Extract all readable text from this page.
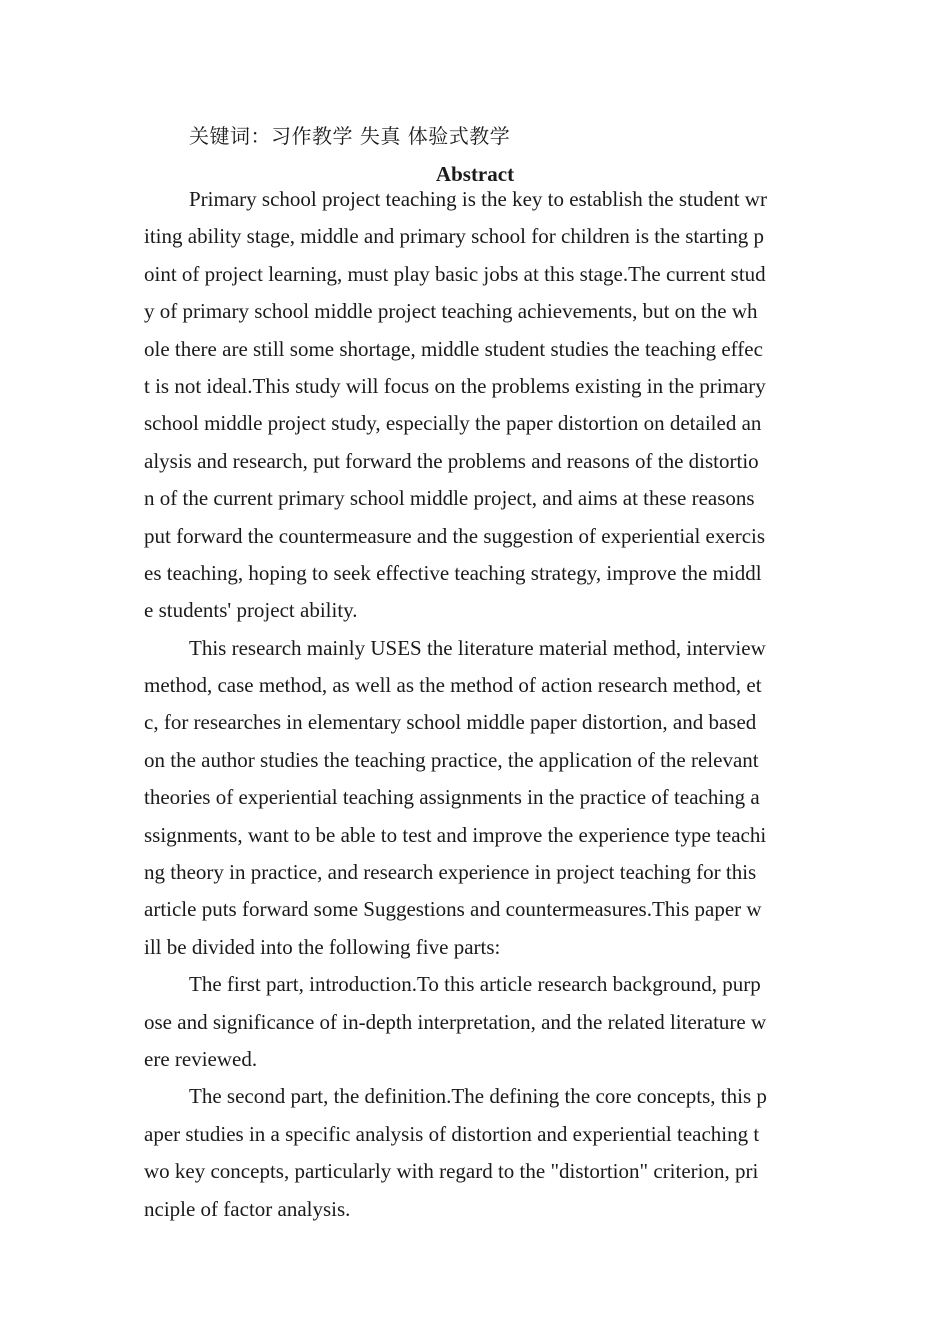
关键词：习作教学 失真 体验式教学
Abstract
Primary school project teaching is the key to establish the student wr
iting ability stage, middle and primary school for children is the starting p
oint of project learning, must play basic jobs at this stage.The current stud
y of primary school middle project teaching achievements, but on the wh
ole there are still some shortage, middle student studies the teaching effec
t is not ideal.This study will focus on the problems existing in the primary
school middle project study, especially the paper distortion on detailed an
alysis and research, put forward the problems and reasons of the distortio
n of the current primary school middle project, and aims at these reasons
put forward the countermeasure and the suggestion of experiential exercis
es teaching, hoping to seek effective teaching strategy, improve the middl
e students' project ability.
This research mainly USES the literature material method, interview
method, case method, as well as the method of action research method, et
c, for researches in elementary school middle paper distortion, and based
on the author studies the teaching practice, the application of the relevant
theories of experiential teaching assignments in the practice of teaching a
ssignments, want to be able to test and improve the experience type teachi
ng theory in practice, and research experience in project teaching for this
article puts forward some Suggestions and countermeasures.This paper w
ill be divided into the following five parts:
The first part, introduction.To this article research background, purp
ose and significance of in-depth interpretation, and the related literature w
ere reviewed.
The second part, the definition.The defining the core concepts, this p
aper studies in a specific analysis of distortion and experiential teaching t
wo key concepts, particularly with regard to the "distortion" criterion, pri
nciple of factor analysis.
